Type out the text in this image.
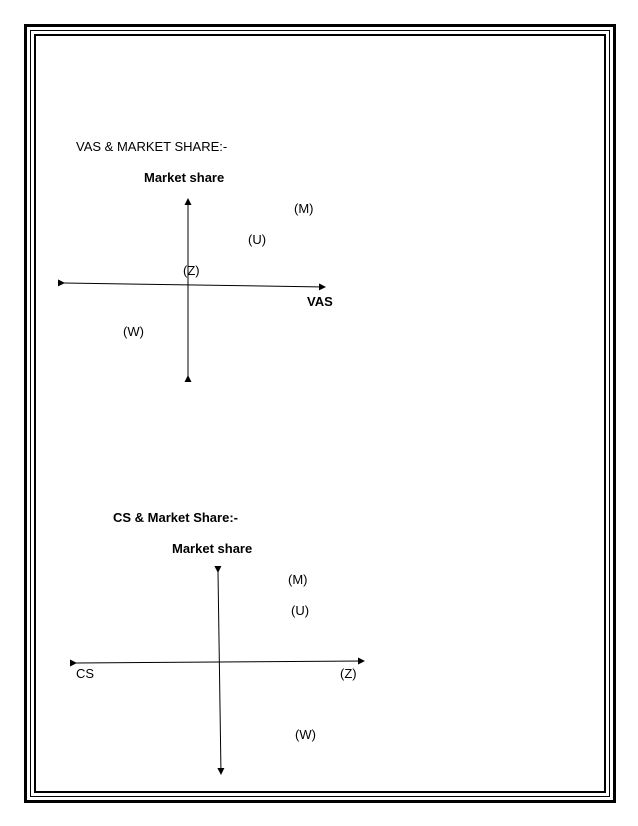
VAS & MARKET SHARE:-
Market share
(M)
(U)
(Z)
VAS
(W)
CS & Market Share:-
Market share
(M)
(U)
CS	(Z)
(W)
